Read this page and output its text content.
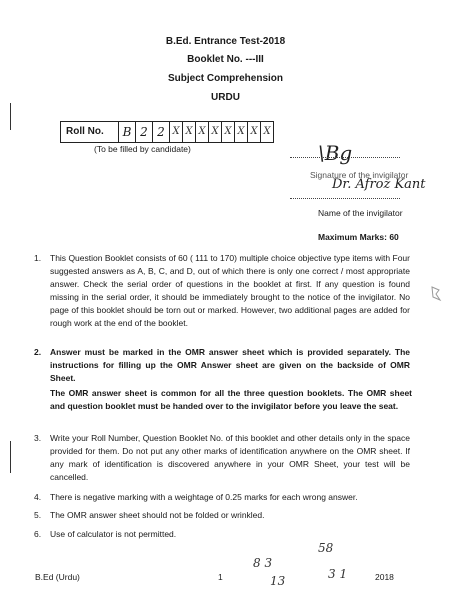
B.Ed. Entrance Test-2018
Booklet No. ---III
Subject Comprehension
URDU
Roll No.	B 2 2 X X X X X X X X
(To be filled by candidate)	\Bg
Signature of the invigilator
Dr. Afroz Kant
Name of the invigilator
Maximum Marks: 60
1.	This Question Booklet consists of 60 ( 111 to 170) multiple choice objective type items with Four suggested answers as A, B, C, and D, out of which there is only one correct / most appropriate answer. Check the serial order of questions in the booklet at first. If any question is found missing in the serial order, it should be immediately brought to the notice of the invigilator. No page of this booklet should be torn out or marked. However, two additional pages are added for rough work at the end of the booklet.
2.	Answer must be marked in the OMR answer sheet which is provided separately. The instructions for filling up the OMR Answer sheet are given on the backside of OMR Sheet.
The OMR answer sheet is common for all the three question booklets. The OMR sheet and question booklet must be handed over to the invigilator before you leave the seat.
3.	Write your Roll Number, Question Booklet No. of this booklet and other details only in the space provided for them. Do not put any other marks of identification anywhere on the OMR sheet. If any mark of identification is discovered anywhere in your OMR Sheet, your test will be cancelled.
4.	There is negative marking with a weightage of 0.25 marks for each wrong answer.
5.	The OMR answer sheet should not be folded or wrinkled.
6.	Use of calculator is not permitted.
8 3
58
13	3 1
B.Ed (Urdu)	1	2018
